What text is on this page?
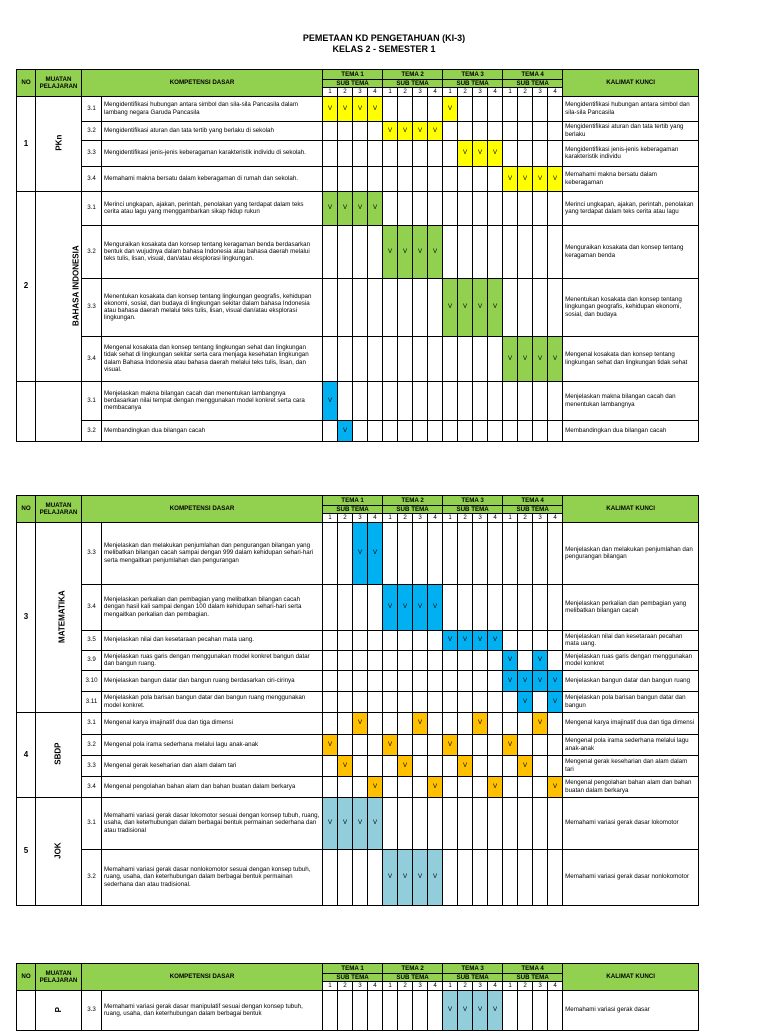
PEMETAAN KD PENGETAHUAN (KI-3)
KELAS 2 - SEMESTER 1
NO	MUATAN PELAJARAN	KOMPETENSI DASAR		TEMA 1				TEMA 2				TEMA 3				TEMA 4				KALIMAT KUNCI
				SUB TEMA				SUB TEMA				SUB TEMA				SUB TEMA				
				1	2	3	4	1	2	3	4	1	2	3	4	1	2	3	4	
1	PKn	3.1	Mengidentifikasi hubungan antara simbol dan sila-sila Pancasila dalam lambang negara Garuda Pancasila	V	V	V	V					V								Mengidentifikasi hubungan antara simbol dan sila-sila Pancasila
		3.2	Mengidentifikasi aturan dan tata tertib yang berlaku di sekolah					V	V	V	V									Mengidentifikasi aturan dan tata tertib yang berlaku
		3.3	Mengidentifikasi jenis-jenis keberagaman karakteristik individu di sekolah.										V	V	V					Mengidentifikasi jenis-jenis keberagaman karakteristik individu
		3.4	Memahami makna bersatu dalam keberagaman di rumah dan sekolah.													V	V	V	V	Memahami makna bersatu dalam keberagaman
2	BAHASA INDONESIA	3.1	Merinci ungkapan, ajakan, perintah, penolakan yang terdapat dalam teks cerita atau lagu yang menggambarkan sikap hidup rukun	V	V	V	V													Merinci ungkapan, ajakan, perintah, penolakan yang terdapat dalam teks cerita atau lagu
		3.2	Menguraikan kosakata dan konsep tentang keragaman benda berdasarkan bentuk dan wujudnya dalam bahasa Indonesia atau bahasa daerah melalui teks tulis, lisan, visual, dan/atau eksplorasi lingkungan.					V	V	V	V									Menguraikan kosakata dan konsep tentang keragaman benda
		3.3	Menentukan kosakata dan konsep tentang lingkungan geografis, kehidupan ekonomi, sosial, dan budaya di lingkungan sekitar dalam bahasa Indonesia atau bahasa daerah melalui teks tulis, lisan, visual dan/atau eksplorasi lingkungan.									V	V	V	V					Menentukan kosakata dan konsep tentang lingkungan geografis, kehidupan ekonomi, sosial, dan budaya
		3.4	Mengenal kosakata dan konsep tentang lingkungan sehat dan lingkungan tidak sehat di lingkungan sekitar serta cara menjaga kesehatan lingkungan dalam Bahasa Indonesia atau bahasa daerah melalui teks tulis, lisan, dan visual.													V	V	V	V	Mengenal kosakata dan konsep tentang lingkungan sehat dan lingkungan tidak sehat
		3.1	Menjelaskan makna bilangan cacah dan menentukan lambangnya berdasarkan nilai tempat dengan menggunakan model konkret serta cara membacanya	V																Menjelaskan makna bilangan cacah dan menentukan lambangnya
		3.2	Membandingkan dua bilangan cacah		V															Membandingkan dua bilangan cacah
NO	MUATAN PELAJARAN	KOMPETENSI DASAR		TEMA 1				TEMA 2				TEMA 3				TEMA 4				KALIMAT KUNCI
				SUB TEMA				SUB TEMA				SUB TEMA				SUB TEMA				
				1	2	3	4	1	2	3	4	1	2	3	4	1	2	3	4	
3	MATEMATIKA	3.3	Menjelaskan dan melakukan penjumlahan dan pengurangan bilangan yang melibatkan bilangan cacah sampai dengan 999 dalam kehidupan sehari-hari serta mengaitkan penjumlahan dan pengurangan			V	V													Menjelaskan dan melakukan penjumlahan dan pengurangan bilangan
		3.4	Menjelaskan perkalian dan pembagian yang melibatkan bilangan cacah dengan hasil kali sampai dengan 100 dalam kehidupan sehari-hari serta mengaitkan perkalian dan pembagian.					V	V	V	V									Menjelaskan perkalian dan pembagian yang melibatkan bilangan cacah
		3.5	Menjelaskan nilai dan kesetaraan pecahan mata uang.									V	V	V	V					Menjelaskan nilai dan kesetaraan pecahan mata uang.
		3.9	Menjelaskan ruas garis dengan menggunakan model konkret bangun datar dan bangun ruang.													V		V		Menjelaskan ruas garis dengan menggunakan model konkret
		3.10	Menjelaskan bangun datar dan bangun ruang berdasarkan ciri-cirinya													V	V	V	V	Menjelaskan bangun datar dan bangun ruang
		3.11	Menjelaskan pola barisan bangun datar dan bangun ruang menggunakan model konkret.														V		V	Menjelaskan pola barisan bangun datar dan bangun
4	SBDP	3.1	Mengenal karya imajinatif dua dan tiga dimensi			V				V				V				V		Mengenal karya imajinatif dua dan tiga dimensi
		3.2	Mengenal pola irama sederhana melalui lagu anak-anak	V				V				V				V				Mengenal pola irama sederhana melalui lagu anak-anak
		3.3	Mengenal gerak keseharian dan alam dalam tari		V				V				V				V			Mengenal gerak keseharian dan alam dalam tari
		3.4	Mengenal pengolahan bahan alam dan bahan buatan dalam berkarya				V				V				V				V	Mengenal pengolahan bahan alam dan bahan buatan dalam berkarya
5	JOK	3.1	Memahami variasi gerak dasar lokomotor sesuai dengan konsep tubuh, ruang, usaha, dan keterhubungan dalam berbagai bentuk permainan sederhana dan atau tradisional	V	V	V	V													Memahami variasi gerak dasar lokomotor
		3.2	Memahami variasi gerak dasar nonlokomotor sesuai dengan konsep tubuh, ruang, usaha, dan keterhubungan dalam berbagai bentuk permainan sederhana dan atau tradisional.					V	V	V	V									Memahami variasi gerak dasar nonlokomotor
NO	MUATAN PELAJARAN	KOMPETENSI DASAR		TEMA 1				TEMA 2				TEMA 3				TEMA 4				KALIMAT KUNCI
				SUB TEMA				SUB TEMA				SUB TEMA				SUB TEMA				
				1	2	3	4	1	2	3	4	1	2	3	4	1	2	3	4	
	P	3.3	Memahami variasi gerak dasar manipulatif sesuai dengan konsep tubuh, ruang, usaha, dan keterhubungan dalam berbagai bentuk									V	V	V	V					Memahami variasi gerak dasar
